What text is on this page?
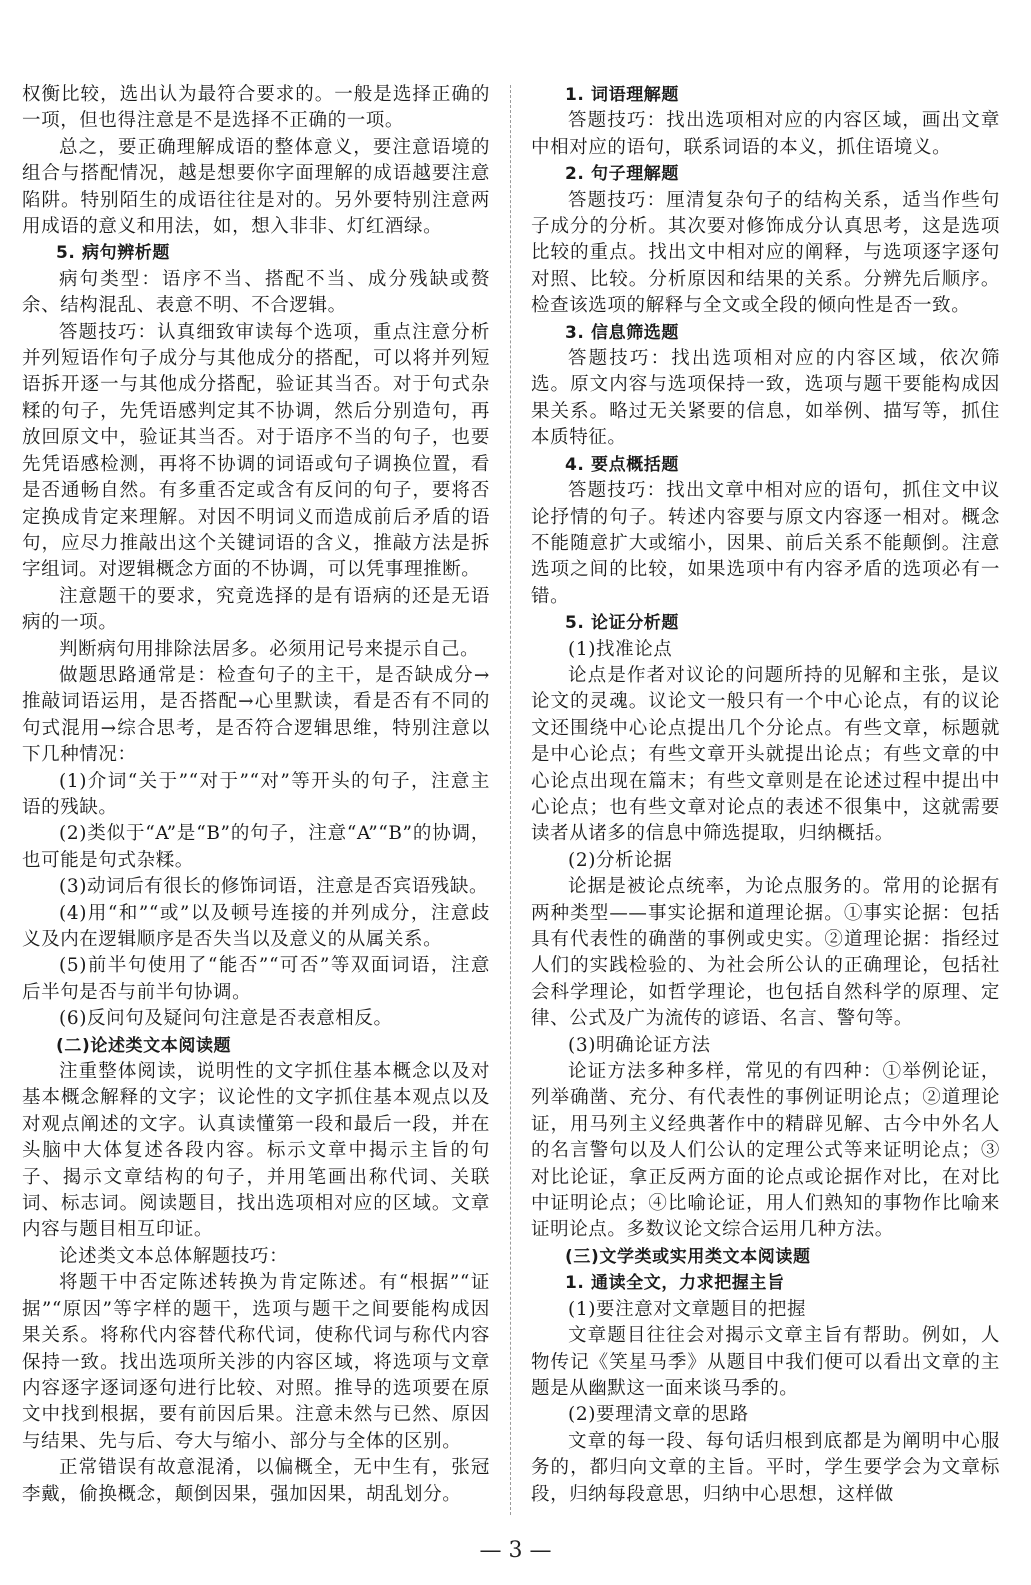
权衡比较，选出认为最符合要求的。一般是选择正确的一项，但也得注意是不是选择不正确的一项。

总之，要正确理解成语的整体意义，要注意语境的组合与搭配情况，越是想要你字面理解的成语越要注意陷阱。特别陌生的成语往往是对的。另外要特别注意两用成语的意义和用法，如，想入非非、灯红酒绿。

5. 病句辨析题

病句类型：语序不当、搭配不当、成分残缺或赘余、结构混乱、表意不明、不合逻辑。

答题技巧：认真细致审读每个选项，重点注意分析并列短语作句子成分与其他成分的搭配，可以将并列短语拆开逐一与其他成分搭配，验证其当否。对于句式杂糅的句子，先凭语感判定其不协调，然后分别造句，再放回原文中，验证其当否。对于语序不当的句子，也要先凭语感检测，再将不协调的词语或句子调换位置，看是否通畅自然。有多重否定或含有反问的句子，要将否定换成肯定来理解。对因不明词义而造成前后矛盾的语句，应尽力推敲出这个关键词语的含义，推敲方法是拆字组词。对逻辑概念方面的不协调，可以凭事理推断。

注意题干的要求，究竟选择的是有语病的还是无语病的一项。

判断病句用排除法居多。必须用记号来提示自己。

做题思路通常是：检查句子的主干，是否缺成分→推敲词语运用，是否搭配→心里默读，看是否有不同的句式混用→综合思考，是否符合逻辑思维，特别注意以下几种情况：

(1)介词“关于”“对于”“对”等开头的句子，注意主语的残缺。

(2)类似于“A”是“B”的句子，注意“A”“B”的协调，也可能是句式杂糅。

(3)动词后有很长的修饰词语，注意是否宾语残缺。

(4)用“和”“或”以及顿号连接的并列成分，注意歧义及内在逻辑顺序是否失当以及意义的从属关系。

(5)前半句使用了“能否”“可否”等双面词语，注意后半句是否与前半句协调。

(6)反问句及疑问句注意是否表意相反。

(二)论述类文本阅读题

注重整体阅读，说明性的文字抓住基本概念以及对基本概念解释的文字；议论性的文字抓住基本观点以及对观点阐述的文字。认真读懂第一段和最后一段，并在头脑中大体复述各段内容。标示文章中揭示主旨的句子、揭示文章结构的句子，并用笔画出称代词、关联词、标志词。阅读题目，找出选项相对应的区域。文章内容与题目相互印证。

论述类文本总体解题技巧：

将题干中否定陈述转换为肯定陈述。有“根据”“证据”“原因”等字样的题干，选项与题干之间要能构成因果关系。将称代内容替代称代词，使称代词与称代内容保持一致。找出选项所关涉的内容区域，将选项与文章内容逐字逐词逐句进行比较、对照。推导的选项要在原文中找到根据，要有前因后果。注意未然与已然、原因与结果、先与后、夸大与缩小、部分与全体的区别。

正常错误有故意混淆，以偏概全，无中生有，张冠李戴，偷换概念，颠倒因果，强加因果，胡乱划分。

1. 词语理解题

答题技巧：找出选项相对应的内容区域，画出文章中相对应的语句，联系词语的本义，抓住语境义。

2. 句子理解题

答题技巧：厘清复杂句子的结构关系，适当作些句子成分的分析。其次要对修饰成分认真思考，这是选项比较的重点。找出文中相对应的阐释，与选项逐字逐句对照、比较。分析原因和结果的关系。分辨先后顺序。检查该选项的解释与全文或全段的倾向性是否一致。

3. 信息筛选题

答题技巧：找出选项相对应的内容区域，依次筛选。原文内容与选项保持一致，选项与题干要能构成因果关系。略过无关紧要的信息，如举例、描写等，抓住本质特征。

4. 要点概括题

答题技巧：找出文章中相对应的语句，抓住文中议论抒情的句子。转述内容要与原文内容逐一相对。概念不能随意扩大或缩小，因果、前后关系不能颠倒。注意选项之间的比较，如果选项中有内容矛盾的选项必有一错。

5. 论证分析题

(1)找准论点

论点是作者对议论的问题所持的见解和主张，是议论文的灵魂。议论文一般只有一个中心论点，有的议论文还围绕中心论点提出几个分论点。有些文章，标题就是中心论点；有些文章开头就提出论点；有些文章的中心论点出现在篇末；有些文章则是在论述过程中提出中心论点；也有些文章对论点的表述不很集中，这就需要读者从诸多的信息中筛选提取，归纳概括。

(2)分析论据

论据是被论点统率，为论点服务的。常用的论据有两种类型——事实论据和道理论据。①事实论据：包括具有代表性的确凿的事例或史实。②道理论据：指经过人们的实践检验的、为社会所公认的正确理论，包括社会科学理论，如哲学理论，也包括自然科学的原理、定律、公式及广为流传的谚语、名言、警句等。

(3)明确论证方法

论证方法多种多样，常见的有四种：①举例论证，列举确凿、充分、有代表性的事例证明论点；②道理论证，用马列主义经典著作中的精辟见解、古今中外名人的名言警句以及人们公认的定理公式等来证明论点；③对比论证，拿正反两方面的论点或论据作对比，在对比中证明论点；④比喻论证，用人们熟知的事物作比喻来证明论点。多数议论文综合运用几种方法。

(三)文学类或实用类文本阅读题
1. 通读全文，力求把握主旨

(1)要注意对文章题目的把握

文章题目往往会对揭示文章主旨有帮助。例如，人物传记《笑星马季》从题目中我们便可以看出文章的主题是从幽默这一面来谈马季的。

(2)要理清文章的思路

文章的每一段、每句话归根到底都是为阐明中心服务的，都归向文章的主旨。平时，学生要学会为文章标段，归纳每段意思，归纳中心思想，这样做

— 3 —
